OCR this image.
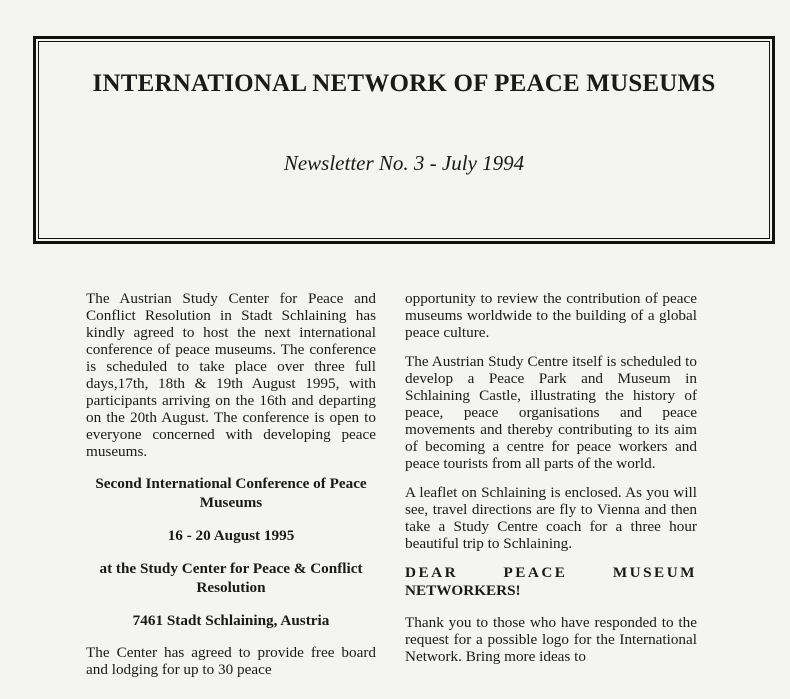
INTERNATIONAL NETWORK OF PEACE MUSEUMS
Newsletter No. 3 - July 1994

The Austrian Study Center for Peace and Conflict Resolution in Stadt Schlaining has kindly agreed to host the next international conference of peace museums. The conference is scheduled to take place over three full days,17th, 18th & 19th August 1995, with participants arriving on the 16th and departing on the 20th August. The conference is open to everyone concerned with developing peace museums.

Second International Conference of Peace Museums

16 - 20 August 1995

at the Study Center for Peace & Conflict Resolution

7461 Stadt Schlaining, Austria

The Center has agreed to provide free board and lodging for up to 30 peace

opportunity to review the contribution of peace museums worldwide to the building of a global peace culture.

The Austrian Study Centre itself is scheduled to develop a Peace Park and Museum in Schlaining Castle, illustrating the history of peace, peace organisations and peace movements and thereby contributing to its aim of becoming a centre for peace workers and peace tourists from all parts of the world.

A leaflet on Schlaining is enclosed. As you will see, travel directions are fly to Vienna and then take a Study Centre coach for a three hour beautiful trip to Schlaining.

DEAR	PEACE	MUSEUM
NETWORKERS!

Thank you to those who have responded to the request for a possible logo for the International Network. Bring more ideas to
